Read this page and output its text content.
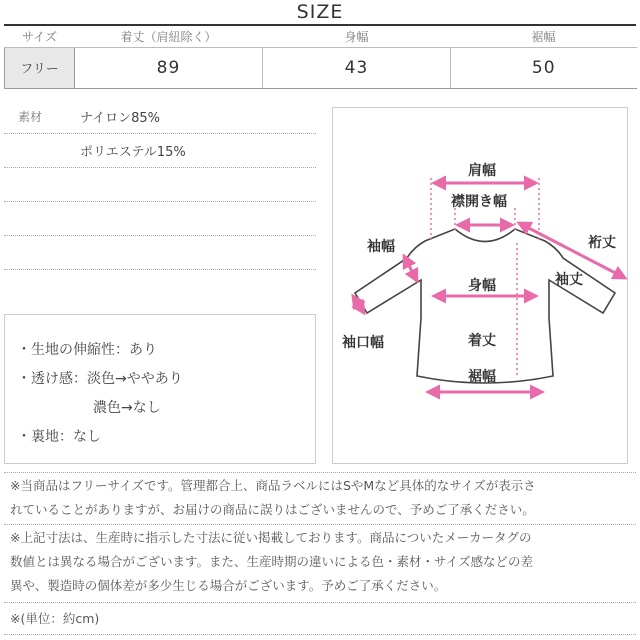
SIZE
サイズ	着丈（肩紐除く）	身幅	裾幅
フリー	89	43	50
素材	ナイロン85%
ポリエステル15%
・生地の伸縮性：あり
・透け感：淡色→ややあり
濃色→なし
・裏地：なし
肩幅
襟開き幅
袖幅	裄丈
袖丈
身幅
袖口幅	着丈
裾幅
※当商品はフリーサイズです。管理都合上、商品ラベルにはSやMなど具体的なサイズが表示さ
れていることがありますが、お届けの商品に誤りはございませんので、予めご了承ください。
※上記寸法は、生産時に指示した寸法に従い掲載しております。商品についたメーカータグの
数値とは異なる場合がございます。また、生産時期の違いによる色・素材・サイズ感などの差
異や、製造時の個体差が多少生じる場合がございます。予めご了承ください。
※(単位：約cm)
